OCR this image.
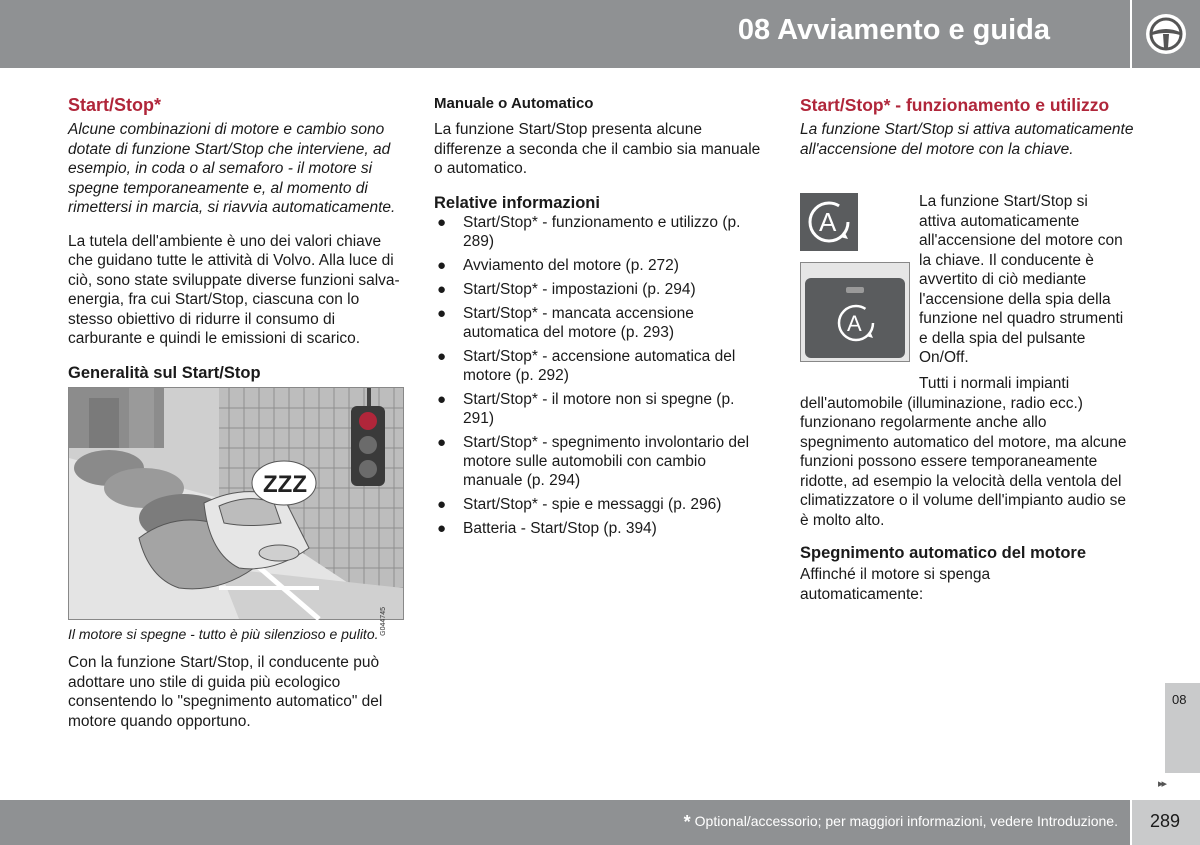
08 Avviamento e guida
Start/Stop*

Alcune combinazioni di motore e cambio sono dotate di funzione Start/Stop che interviene, ad esempio, in coda o al semaforo - il motore si spegne temporaneamente e, al momento di rimettersi in marcia, si riavvia automaticamente.

La tutela dell'ambiente è uno dei valori chiave che guidano tutte le attività di Volvo. Alla luce di ciò, sono state sviluppate diverse funzioni salva-energia, fra cui Start/Stop, ciascuna con lo stesso obiettivo di ridurre il consumo di carburante e quindi le emissioni di scarico.

Generalità sul Start/Stop
ZZZ
G044745

Il motore si spegne - tutto è più silenzioso e pulito.

Con la funzione Start/Stop, il conducente può adottare uno stile di guida più ecologico consentendo lo "spegnimento automatico" del motore quando opportuno.

Manuale o Automatico

La funzione Start/Stop presenta alcune differenze a seconda che il cambio sia manuale o automatico.

Relative informazioni
● Start/Stop* - funzionamento e utilizzo (p. 289)
● Avviamento del motore (p. 272)
● Start/Stop* - impostazioni (p. 294)
● Start/Stop* - mancata accensione automatica del motore (p. 293)
● Start/Stop* - accensione automatica del motore (p. 292)
● Start/Stop* - il motore non si spegne (p. 291)
● Start/Stop* - spegnimento involontario del motore sulle automobili con cambio manuale (p. 294)
● Start/Stop* - spie e messaggi (p. 296)
● Batteria - Start/Stop (p. 394)
Start/Stop* - funzionamento e utilizzo

La funzione Start/Stop si attiva automaticamente all'accensione del motore con la chiave.

A
A
La funzione Start/Stop si attiva automaticamente all'accensione del motore con la chiave. Il conducente è avvertito di ciò mediante l'accensione della spia della funzione nel quadro strumenti e della spia del pulsante On/Off.
Tutti i normali impianti dell'automobile (illuminazione, radio ecc.) funzionano regolarmente anche allo spegnimento automatico del motore, ma alcune funzioni possono essere temporaneamente ridotte, ad esempio la velocità della ventola del climatizzatore o il volume dell'impianto audio se è molto alto.
Spegnimento automatico del motore

Affinché il motore si spenga automaticamente:

08
▸▸
* Optional/accessorio; per maggiori informazioni, vedere Introduzione. 289
